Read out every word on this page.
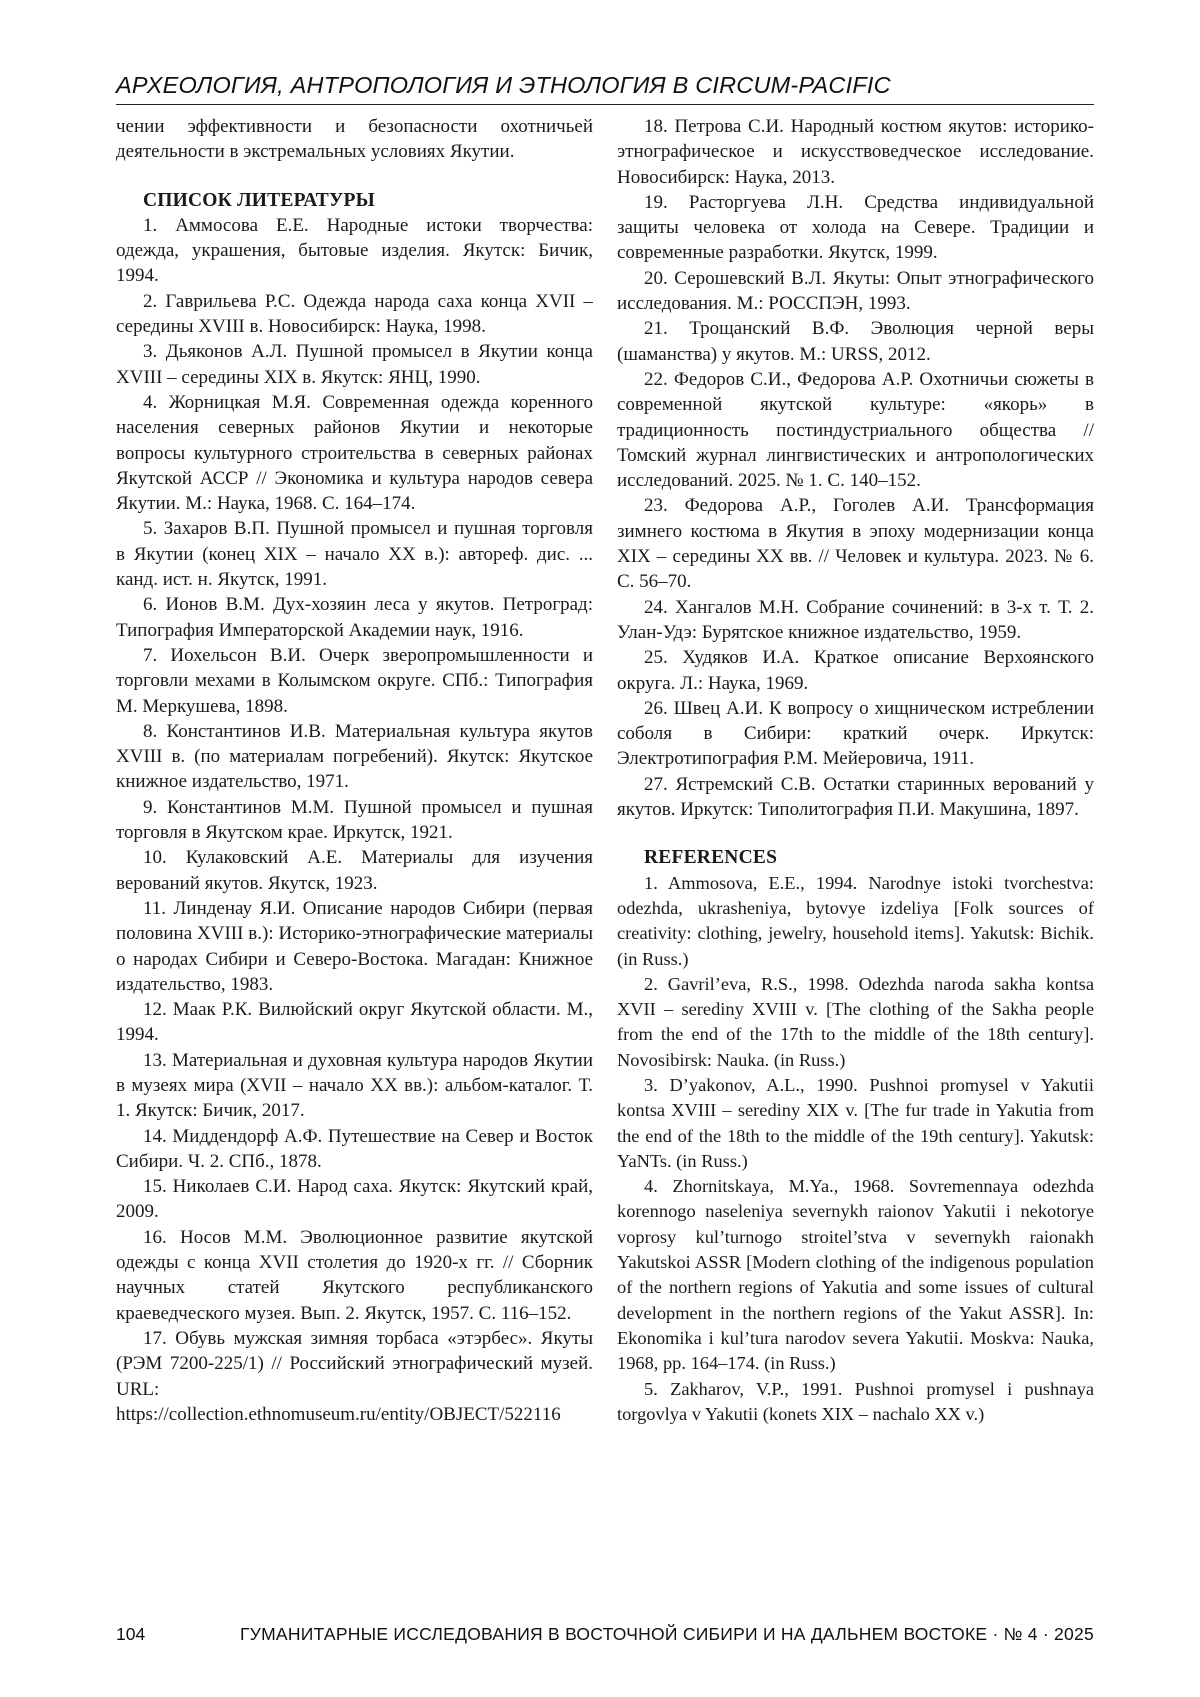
АРХЕОЛОГИЯ, АНТРОПОЛОГИЯ И ЭТНОЛОГИЯ В CIRCUM-PACIFIC

чении эффективности и безопасности охотничьей деятельности в экстремальных условиях Якутии.

СПИСОК ЛИТЕРАТУРЫ

1. Аммосова Е.Е. Народные истоки творчества: одежда, украшения, бытовые изделия. Якутск: Бичик, 1994.

2. Гаврильева Р.С. Одежда народа саха конца XVII – середины XVIII в. Новосибирск: Наука, 1998.

3. Дьяконов А.Л. Пушной промысел в Якутии конца XVIII – середины XIX в. Якутск: ЯНЦ, 1990.

4. Жорницкая М.Я. Современная одежда коренного населения северных районов Якутии и некоторые вопросы культурного строительства в северных районах Якутской АССР // Экономика и культура народов севера Якутии. М.: Наука, 1968. С. 164–174.

5. Захаров В.П. Пушной промысел и пушная торговля в Якутии (конец XIX – начало XX в.): автореф. дис. ... канд. ист. н. Якутск, 1991.

6. Ионов В.М. Дух-хозяин леса у якутов. Петроград: Типография Императорской Академии наук, 1916.

7. Иохельсон В.И. Очерк зверопромышленности и торговли мехами в Колымском округе. СПб.: Типография М. Меркушева, 1898.

8. Константинов И.В. Материальная культура якутов XVIII в. (по материалам погребений). Якутск: Якутское книжное издательство, 1971.

9. Константинов М.М. Пушной промысел и пушная торговля в Якутском крае. Иркутск, 1921.

10. Кулаковский А.Е. Материалы для изучения верований якутов. Якутск, 1923.

11. Линденау Я.И. Описание народов Сибири (первая половина XVIII в.): Историко-этнографические материалы о народах Сибири и Северо-Востока. Магадан: Книжное издательство, 1983.

12. Маак Р.К. Вилюйский округ Якутской области. М., 1994.

13. Материальная и духовная культура народов Якутии в музеях мира (XVII – начало XX вв.): альбом-каталог. Т. 1. Якутск: Бичик, 2017.

14. Миддендорф А.Ф. Путешествие на Север и Восток Сибири. Ч. 2. СПб., 1878.

15. Николаев С.И. Народ саха. Якутск: Якутский край, 2009.

16. Носов М.М. Эволюционное развитие якутской одежды с конца XVII столетия до 1920-х гг. // Сборник научных статей Якутского республиканского краеведческого музея. Вып. 2. Якутск, 1957. С. 116–152.

17. Обувь мужская зимняя торбаса «этэрбес». Якуты (РЭМ 7200-225/1) // Российский этнографический музей. URL: https://collection.ethnomuseum.ru/entity/OBJECT/522116

18. Петрова С.И. Народный костюм якутов: историко-этнографическое и искусствоведческое исследование. Новосибирск: Наука, 2013.

19. Расторгуева Л.Н. Средства индивидуальной защиты человека от холода на Севере. Традиции и современные разработки. Якутск, 1999.

20. Серошевский В.Л. Якуты: Опыт этнографического исследования. М.: РОССПЭН, 1993.

21. Трощанский В.Ф. Эволюция черной веры (шаманства) у якутов. М.: URSS, 2012.

22. Федоров С.И., Федорова А.Р. Охотничьи сюжеты в современной якутской культуре: «якорь» в традиционность постиндустриального общества // Томский журнал лингвистических и антропологических исследований. 2025. № 1. С. 140–152.

23. Федорова А.Р., Гоголев А.И. Трансформация зимнего костюма в Якутия в эпоху модернизации конца XIX – середины XX вв. // Человек и культура. 2023. № 6. С. 56–70.

24. Хангалов М.Н. Собрание сочинений: в 3-х т. Т. 2. Улан-Удэ: Бурятское книжное издательство, 1959.

25. Худяков И.А. Краткое описание Верхоянского округа. Л.: Наука, 1969.

26. Швец А.И. К вопросу о хищническом истреблении соболя в Сибири: краткий очерк. Иркутск: Электротипография Р.М. Мейеровича, 1911.

27. Ястремский С.В. Остатки старинных верований у якутов. Иркутск: Типолитография П.И. Макушина, 1897.

REFERENCES

1. Ammosova, E.E., 1994. Narodnye istoki tvorchestva: odezhda, ukrasheniya, bytovye izdeliya [Folk sources of creativity: clothing, jewelry, household items]. Yakutsk: Bichik. (in Russ.)

2. Gavril’eva, R.S., 1998. Odezhda naroda sakha kontsa XVII – serediny XVIII v. [The clothing of the Sakha people from the end of the 17th to the middle of the 18th century]. Novosibirsk: Nauka. (in Russ.)

3. D’yakonov, A.L., 1990. Pushnoi promysel v Yakutii kontsa XVIII – serediny XIX v. [The fur trade in Yakutia from the end of the 18th to the middle of the 19th century]. Yakutsk: YaNTs. (in Russ.)

4. Zhornitskaya, M.Ya., 1968. Sovremennaya odezhda korennogo naseleniya severnykh raionov Yakutii i nekotorye voprosy kul’turnogo stroitel’stva v severnykh raionakh Yakutskoi ASSR [Modern clothing of the indigenous population of the northern regions of Yakutia and some issues of cultural development in the northern regions of the Yakut ASSR]. In: Ekonomika i kul’tura narodov severa Yakutii. Moskva: Nauka, 1968, pp. 164–174. (in Russ.)

5. Zakharov, V.P., 1991. Pushnoi promysel i pushnaya torgovlya v Yakutii (konets XIX – nachalo XX v.)

104	ГУМАНИТАРНЫЕ ИССЛЕДОВАНИЯ В ВОСТОЧНОЙ СИБИРИ И НА ДАЛЬНЕМ ВОСТОКЕ · № 4 · 2025
